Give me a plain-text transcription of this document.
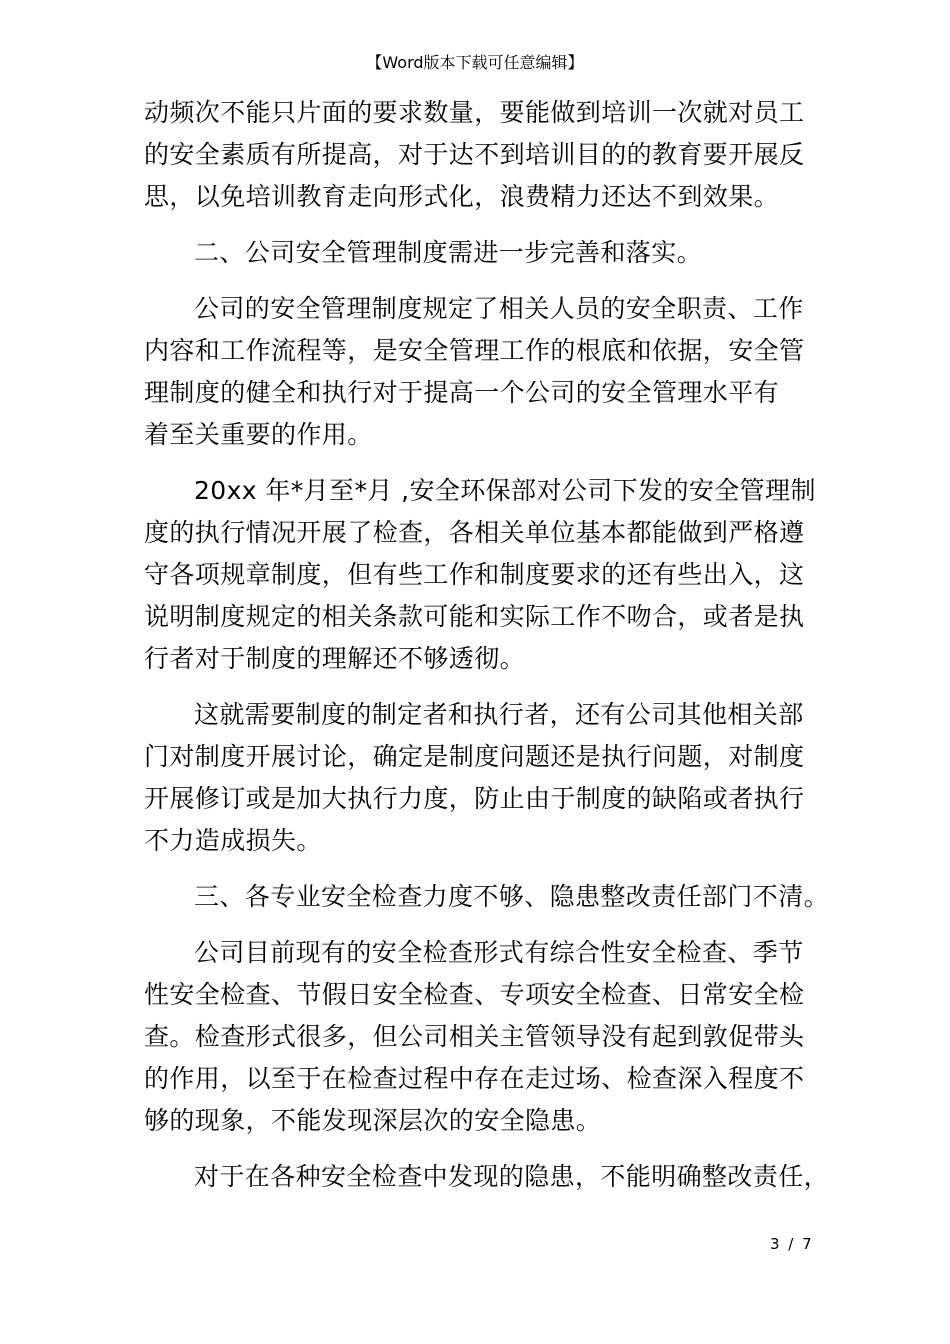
【Word版本下载可任意编辑】

动频次不能只片面的要求数量，要能做到培训一次就对员工
的安全素质有所提高，对于达不到培训目的的教育要开展反
思，以免培训教育走向形式化，浪费精力还达不到效果。

二、公司安全管理制度需进一步完善和落实。

公司的安全管理制度规定了相关人员的安全职责、工作
内容和工作流程等，是安全管理工作的根底和依据，安全管
理制度的健全和执行对于提高一个公司的安全管理水平有
着至关重要的作用。

20xx 年*月至*月 ,安全环保部对公司下发的安全管理制
度的执行情况开展了检查，各相关单位基本都能做到严格遵
守各项规章制度，但有些工作和制度要求的还有些出入，这
说明制度规定的相关条款可能和实际工作不吻合，或者是执
行者对于制度的理解还不够透彻。

这就需要制度的制定者和执行者，还有公司其他相关部
门对制度开展讨论，确定是制度问题还是执行问题，对制度
开展修订或是加大执行力度，防止由于制度的缺陷或者执行
不力造成损失。

三、各专业安全检查力度不够、隐患整改责任部门不清。

公司目前现有的安全检查形式有综合性安全检查、季节
性安全检查、节假日安全检查、专项安全检查、日常安全检
查。检查形式很多，但公司相关主管领导没有起到敦促带头
的作用，以至于在检查过程中存在走过场、检查深入程度不
够的现象，不能发现深层次的安全隐患。

对于在各种安全检查中发现的隐患，不能明确整改责任，

3 / 7
